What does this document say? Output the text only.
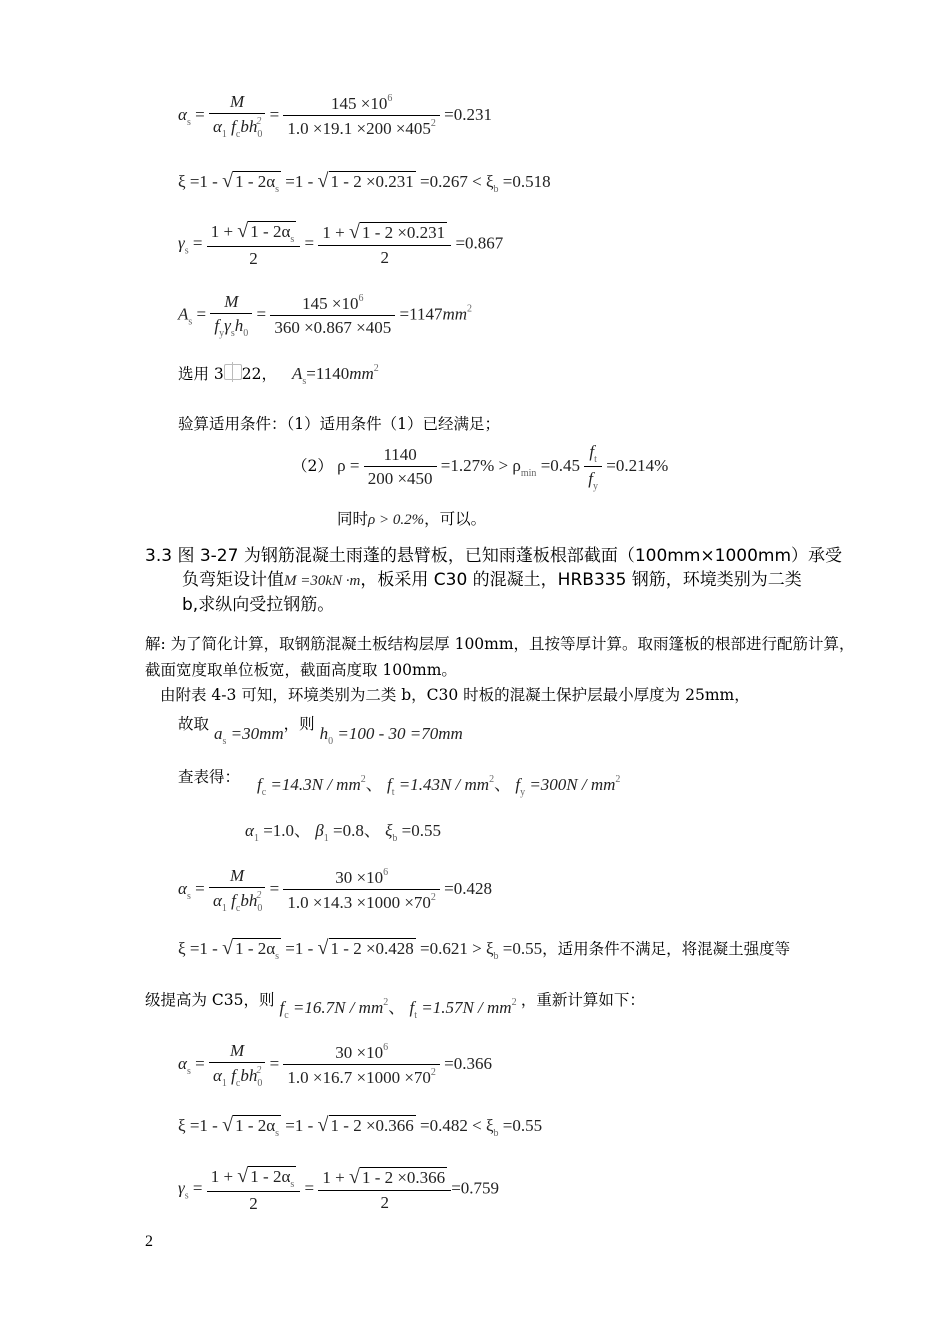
$\alpha_s$ =
M
$\alpha_1$ $f_cbh_0^2 = \frac{145 \times 10^6}{1.0 \times 19.1 \times 200 \times 405^2} =0.231$
ξ =1 - √ $1 - 2\alpha_s =1$ - √ $1 - 2 \times 0.231 =0.267 < \xi_b =0.518$
$\gamma_s = \frac{1 + √ 1 - 2\alpha_s}{2} = \frac{1 + √ 1 - 2 \times 0.231}{2} =0.867$
$A_s$ =
M
$f_y\gamma_sh_0$
= $\frac{145 \times 10^6}{360 \times 0.867 \times 405} =1147mm^2$
选用 3 22， $A_s=1140mm^2$
验算适用条件：（1）适用条件（1）已经满足；
（2） $\rho = \frac{1140}{200 \times 450} =1.27\% > \rho_{min} =0.45 \frac{f_t}{f_y} =0.214\%$
同时ρ > 0.2%，可以。
3.3 图 3-27 为钢筋混凝土雨蓬的悬臂板，已知雨蓬板根部截面（100mm×1000mm）承受
负弯矩设计值M =30kN ·m，板采用 C30 的混凝土，HRB335 钢筋，环境类别为二类
b,求纵向受拉钢筋。
解: 为了简化计算，取钢筋混凝土板结构层厚 100mm，且按等厚计算。取雨篷板的根部进行配筋计算，
截面宽度取单位板宽，截面高度取 100mm。
由附表 4-3 可知，环境类别为二类 b，C30 时板的混凝土保护层最小厚度为 25mm，
故取 $a_s =30mm$，则 $h_0 =100 - 30 =70mm$
查表得： $f_c =14.3N / mm^2$、 $f_t =1.43N / mm^2$、 $f_y =300N / mm^2$
$\alpha_1 =1.0$、 $\beta_1 =0.8$、 $\xi_b =0.55$
$\alpha_s$ =
M
$\alpha_1$ $f_cbh_0^2 = \frac{30 \times 10^6}{1.0 \times 14.3 \times 1000 \times 70^2} =0.428$
ξ =1 - √ $1 - 2\alpha_s =1$ - √ $1 - 2 \times 0.428 =0.621 > \xi_b =0.55$，适用条件不满足，将混凝土强度等
级提高为 C35，则 $f_c =16.7N / mm^2$、 $f_t =1.57N / mm^2$ ，重新计算如下：
$\alpha_s$ =
M
$\alpha_1$ $f_cbh_0^2 = \frac{30 \times 10^6}{1.0 \times 16.7 \times 1000 \times 70^2} =0.366$
ξ =1 - √ $1 - 2\alpha_s =1$ - √ $1 - 2 \times 0.366 =0.482 < \xi_b =0.55$
$\gamma_s = \frac{1 + √ 1 - 2\alpha_s}{2} = \frac{1 + √ 1 - 2 \times 0.366}{2} =0.759$
2
